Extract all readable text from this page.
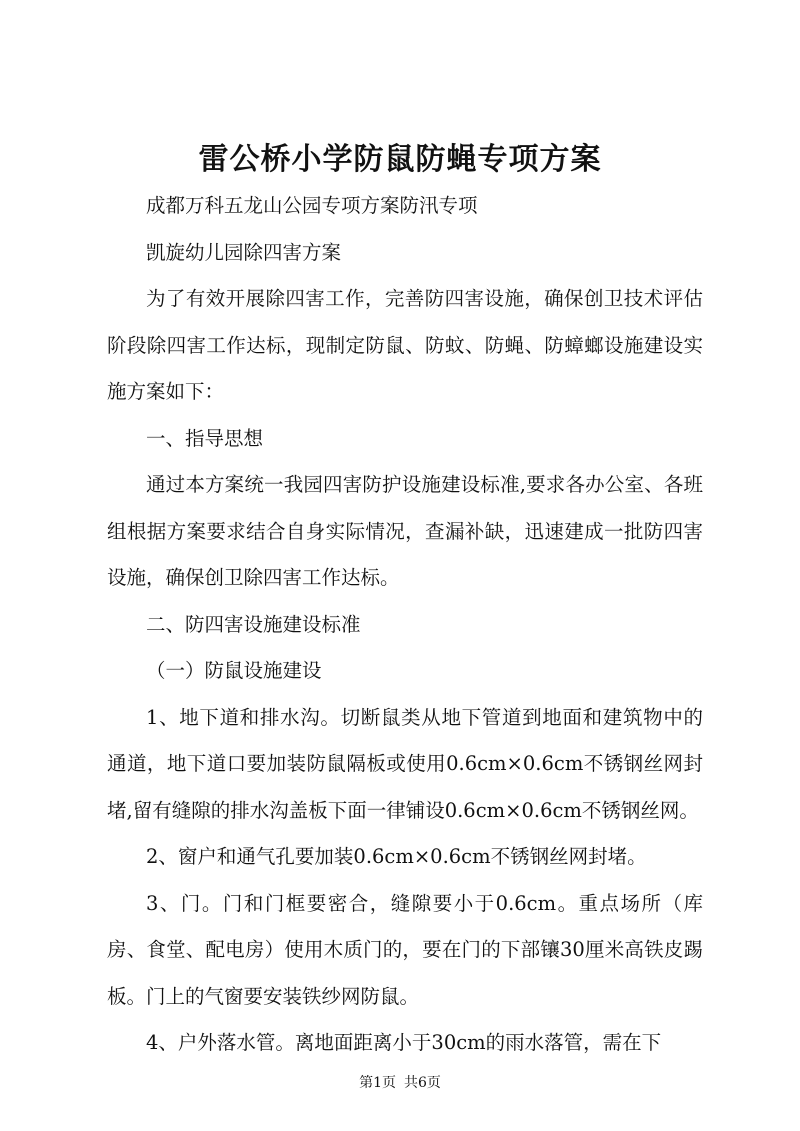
雷公桥小学防鼠防蝇专项方案

成都万科五龙山公园专项方案防汛专项

凯旋幼儿园除四害方案

为了有效开展除四害工作，完善防四害设施，确保创卫技术评估阶段除四害工作达标，现制定防鼠、防蚊、防蝇、防蟑螂设施建设实施方案如下：

一、指导思想

通过本方案统一我园四害防护设施建设标准,要求各办公室、各班组根据方案要求结合自身实际情况，查漏补缺，迅速建成一批防四害设施，确保创卫除四害工作达标。

二、防四害设施建设标准

（一）防鼠设施建设

1、地下道和排水沟。切断鼠类从地下管道到地面和建筑物中的通道，地下道口要加装防鼠隔板或使用0.6cm×0.6cm不锈钢丝网封堵,留有缝隙的排水沟盖板下面一律铺设0.6cm×0.6cm不锈钢丝网。

2、窗户和通气孔要加装0.6cm×0.6cm不锈钢丝网封堵。

3、门。门和门框要密合，缝隙要小于0.6cm。重点场所（库房、食堂、配电房）使用木质门的，要在门的下部镶30厘米高铁皮踢板。门上的气窗要安装铁纱网防鼠。

4、户外落水管。离地面距离小于30cm的雨水落管，需在下

第1页 共6页
